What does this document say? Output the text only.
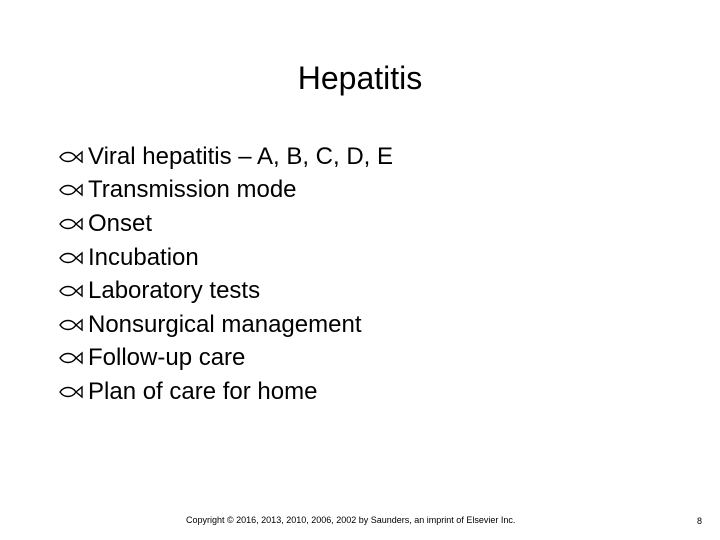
Hepatitis
Viral hepatitis – A, B, C, D, E
Transmission mode
Onset
Incubation
Laboratory tests
Nonsurgical management
Follow-up care
Plan of care for home
Copyright © 2016, 2013, 2010, 2006, 2002 by Saunders, an imprint of Elsevier Inc.	8
